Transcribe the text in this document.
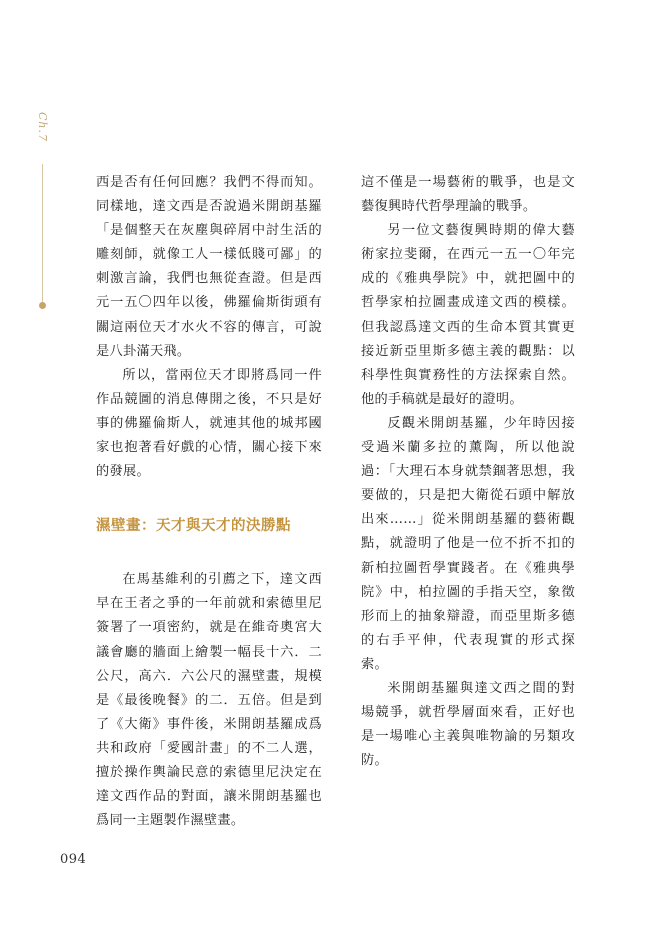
Ch.7

西是否有任何回應？我們不得而知。同樣地，達文西是否說過米開朗基羅「是個整天在灰塵與碎屑中討生活的雕刻師，就像工人一樣低賤可鄙」的刺激言論，我們也無從查證。但是西元一五〇四年以後，佛羅倫斯街頭有關這兩位天才水火不容的傳言，可說是八卦滿天飛。

所以，當兩位天才即將爲同一件作品競圖的消息傳開之後，不只是好事的佛羅倫斯人，就連其他的城邦國家也抱著看好戲的心情，關心接下來的發展。

濕壁畫：天才與天才的決勝點

在馬基維利的引薦之下，達文西早在王者之爭的一年前就和索德里尼簽署了一項密約，就是在維奇奧宮大議會廳的牆面上繪製一幅長十六．二公尺，高六．六公尺的濕壁畫，規模是《最後晚餐》的二．五倍。但是到了《大衛》事件後，米開朗基羅成爲共和政府「愛國計畫」的不二人選，擅於操作輿論民意的索德里尼決定在達文西作品的對面，讓米開朗基羅也爲同一主題製作濕壁畫。

這不僅是一場藝術的戰爭，也是文藝復興時代哲學理論的戰爭。

另一位文藝復興時期的偉大藝術家拉斐爾，在西元一五一〇年完成的《雅典學院》中，就把圖中的哲學家柏拉圖畫成達文西的模樣。但我認爲達文西的生命本質其實更接近新亞里斯多德主義的觀點：以科學性與實務性的方法探索自然。他的手稿就是最好的證明。

反觀米開朗基羅，少年時因接受過米蘭多拉的薰陶，所以他說過：「大理石本身就禁錮著思想，我要做的，只是把大衛從石頭中解放出來……」從米開朗基羅的藝術觀點，就證明了他是一位不折不扣的新柏拉圖哲學實踐者。在《雅典學院》中，柏拉圖的手指天空，象徵形而上的抽象辯證，而亞里斯多德的右手平伸，代表現實的形式探索。

米開朗基羅與達文西之間的對場競爭，就哲學層面來看，正好也是一場唯心主義與唯物論的另類攻防。

094
